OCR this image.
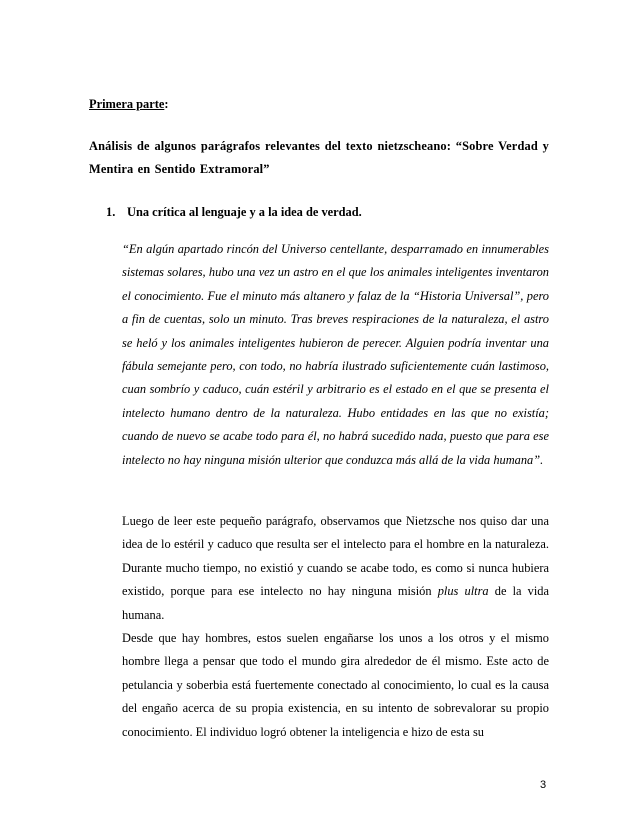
Primera parte:
Análisis de algunos parágrafos relevantes del texto nietzscheano: “Sobre Verdad y Mentira en Sentido Extramoral”
1. Una crítica al lenguaje y a la idea de verdad.
“En algún apartado rincón del Universo centellante, desparramado en innumerables sistemas solares, hubo una vez un astro en el que los animales inteligentes inventaron el conocimiento. Fue el minuto más altanero y falaz de la “Historia Universal”, pero a fin de cuentas, solo un minuto. Tras breves respiraciones de la naturaleza, el astro se heló y los animales inteligentes hubieron de perecer. Alguien podría inventar una fábula semejante pero, con todo, no habría ilustrado suficientemente cuán lastimoso, cuan sombrío y caduco, cuán estéril y arbitrario es el estado en el que se presenta el intelecto humano dentro de la naturaleza. Hubo entidades en las que no existía; cuando de nuevo se acabe todo para él, no habrá sucedido nada, puesto que para ese intelecto no hay ninguna misión ulterior que conduzca más allá de la vida humana”.
Luego de leer este pequeño parágrafo, observamos que Nietzsche nos quiso dar una idea de lo estéril y caduco que resulta ser el intelecto para el hombre en la naturaleza. Durante mucho tiempo, no existió y cuando se acabe todo, es como si nunca hubiera existido, porque para ese intelecto no hay ninguna misión plus ultra de la vida humana.
Desde que hay hombres, estos suelen engañarse los unos a los otros y el mismo hombre llega a pensar que todo el mundo gira alrededor de él mismo. Este acto de petulancia y soberbia está fuertemente conectado al conocimiento, lo cual es la causa del engaño acerca de su propia existencia, en su intento de sobrevalorar su propio conocimiento. El individuo logró obtener la inteligencia e hizo de esta su
3
